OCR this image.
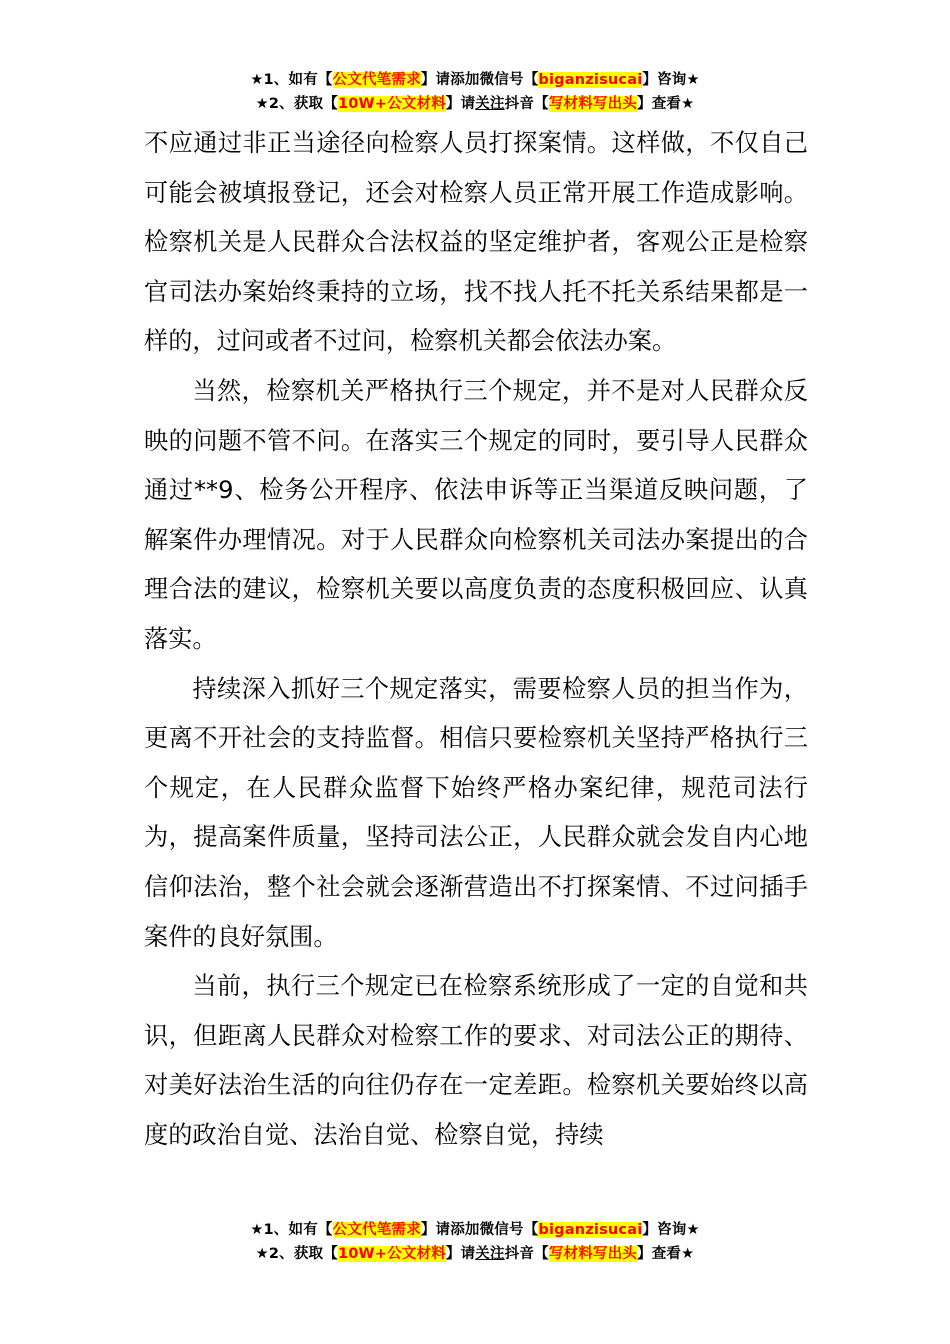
★1、如有【公文代笔需求】请添加微信号【biganzisucai】咨询★
★2、获取【10W+公文材料】请关注抖音【写材料写出头】查看★

不应通过非正当途径向检察人员打探案情。这样做，不仅自己可能会被填报登记，还会对检察人员正常开展工作造成影响。检察机关是人民群众合法权益的坚定维护者，客观公正是检察官司法办案始终秉持的立场，找不找人托不托关系结果都是一样的，过问或者不过问，检察机关都会依法办案。

当然，检察机关严格执行三个规定，并不是对人民群众反映的问题不管不问。在落实三个规定的同时，要引导人民群众通过**9、检务公开程序、依法申诉等正当渠道反映问题，了解案件办理情况。对于人民群众向检察机关司法办案提出的合理合法的建议，检察机关要以高度负责的态度积极回应、认真落实。

持续深入抓好三个规定落实，需要检察人员的担当作为，更离不开社会的支持监督。相信只要检察机关坚持严格执行三个规定，在人民群众监督下始终严格办案纪律，规范司法行为，提高案件质量，坚持司法公正，人民群众就会发自内心地信仰法治，整个社会就会逐渐营造出不打探案情、不过问插手案件的良好氛围。

当前，执行三个规定已在检察系统形成了一定的自觉和共识，但距离人民群众对检察工作的要求、对司法公正的期待、对美好法治生活的向往仍存在一定差距。检察机关要始终以高度的政治自觉、法治自觉、检察自觉，持续

★1、如有【公文代笔需求】请添加微信号【biganzisucai】咨询★
★2、获取【10W+公文材料】请关注抖音【写材料写出头】查看★
